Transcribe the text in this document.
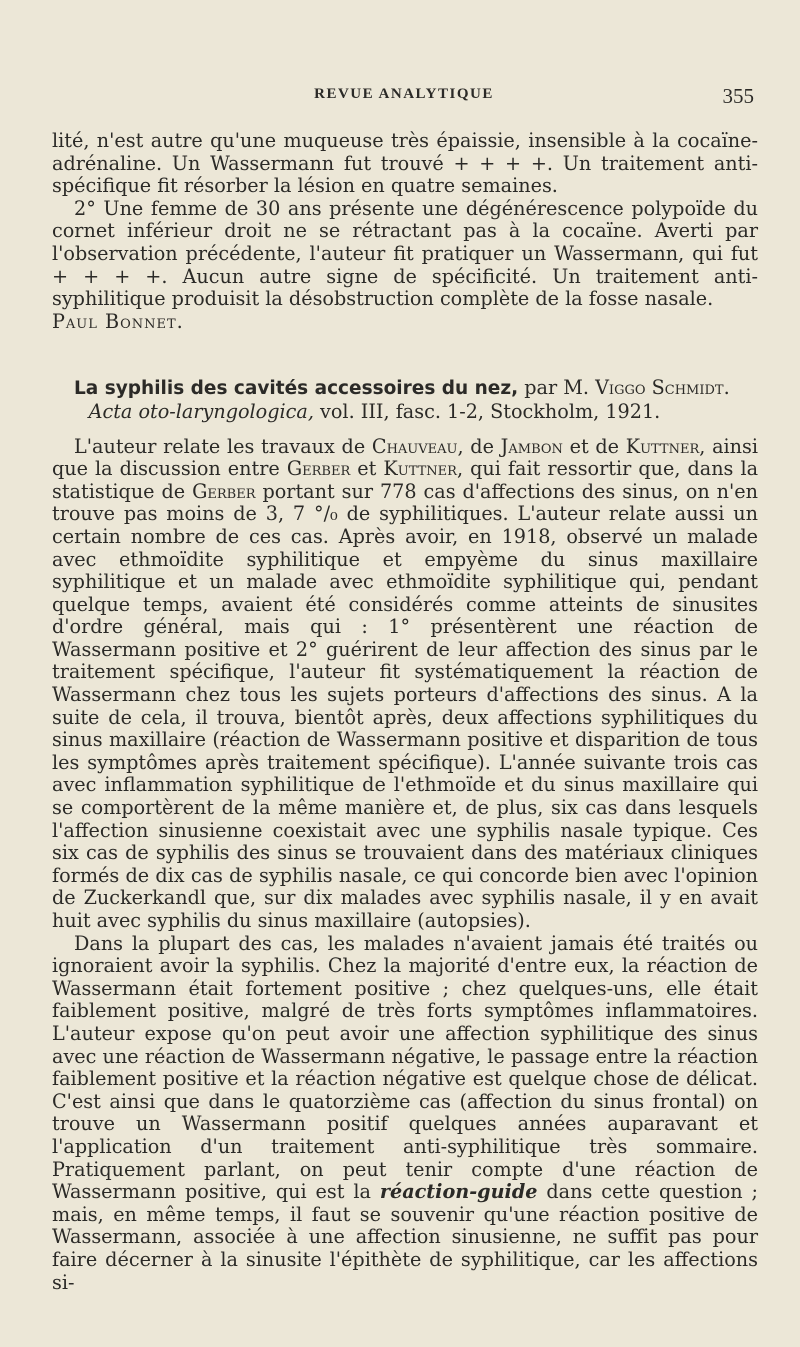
REVUE ANALYTIQUE	355

lité, n'est autre qu'une muqueuse très épaissie, insensible à la cocaïne-adrénaline. Un Wassermann fut trouvé + + + +. Un traitement anti-spécifique fit résorber la lésion en quatre semaines.

2° Une femme de 30 ans présente une dégénérescence polypoïde du cornet inférieur droit ne se rétractant pas à la cocaïne. Averti par l'observation précédente, l'auteur fit pratiquer un Wassermann, qui fut + + + +. Aucun autre signe de spécificité. Un traitement anti-syphilitique produisit la désobstruction complète de la fosse nasale.

Paul Bonnet.

La syphilis des cavités accessoires du nez, par M. Viggo Schmidt.
Acta oto-laryngologica, vol. III, fasc. 1-2, Stockholm, 1921.

L'auteur relate les travaux de Chauveau, de Jambon et de Kuttner, ainsi que la discussion entre Gerber et Kuttner, qui fait ressortir que, dans la statistique de Gerber portant sur 778 cas d'affections des sinus, on n'en trouve pas moins de 3, 7 °/₀ de syphilitiques. L'auteur relate aussi un certain nombre de ces cas. Après avoir, en 1918, observé un malade avec ethmoïdite syphilitique et empyème du sinus maxillaire syphilitique et un malade avec ethmoïdite syphilitique qui, pendant quelque temps, avaient été considérés comme atteints de sinusites d'ordre général, mais qui : 1° présentèrent une réaction de Wassermann positive et 2° guérirent de leur affection des sinus par le traitement spécifique, l'auteur fit systématiquement la réaction de Wassermann chez tous les sujets porteurs d'affections des sinus. A la suite de cela, il trouva, bientôt après, deux affections syphilitiques du sinus maxillaire (réaction de Wassermann positive et disparition de tous les symptômes après traitement spécifique). L'année suivante trois cas avec inflammation syphilitique de l'ethmoïde et du sinus maxillaire qui se comportèrent de la même manière et, de plus, six cas dans lesquels l'affection sinusienne coexistait avec une syphilis nasale typique. Ces six cas de syphilis des sinus se trouvaient dans des matériaux cliniques formés de dix cas de syphilis nasale, ce qui concorde bien avec l'opinion de Zuckerkandl que, sur dix malades avec syphilis nasale, il y en avait huit avec syphilis du sinus maxillaire (autopsies).

Dans la plupart des cas, les malades n'avaient jamais été traités ou ignoraient avoir la syphilis. Chez la majorité d'entre eux, la réaction de Wassermann était fortement positive ; chez quelques-uns, elle était faiblement positive, malgré de très forts symptômes inflammatoires. L'auteur expose qu'on peut avoir une affection syphilitique des sinus avec une réaction de Wassermann négative, le passage entre la réaction faiblement positive et la réaction négative est quelque chose de délicat. C'est ainsi que dans le quatorzième cas (affection du sinus frontal) on trouve un Wassermann positif quelques années auparavant et l'application d'un traitement anti-syphilitique très sommaire. Pratiquement parlant, on peut tenir compte d'une réaction de Wassermann positive, qui est la réaction-guide dans cette question ; mais, en même temps, il faut se souvenir qu'une réaction positive de Wassermann, associée à une affection sinusienne, ne suffit pas pour faire décerner à la sinusite l'épithète de syphilitique, car les affections si-
